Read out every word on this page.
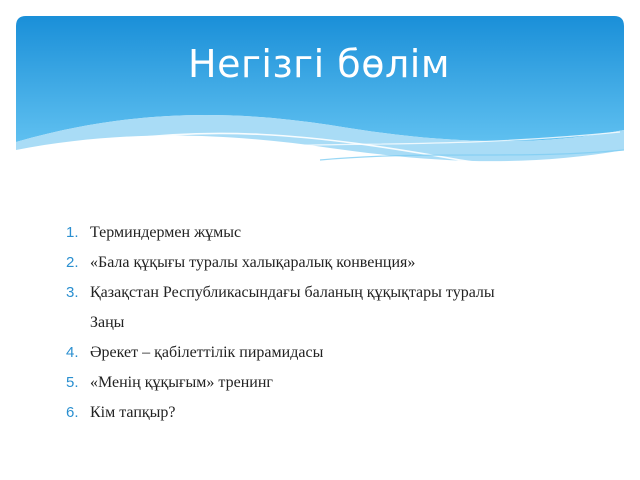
Негізгі бөлім
1. Терминдермен жұмыс
2. «Бала құқығы туралы халықаралық конвенция»
3. Қазақстан Республикасындағы баланың құқықтары туралы Заңы
4. Әрекет – қабілеттілік пирамидасы
5. «Менің құқығым» тренинг
6. Кім тапқыр?
